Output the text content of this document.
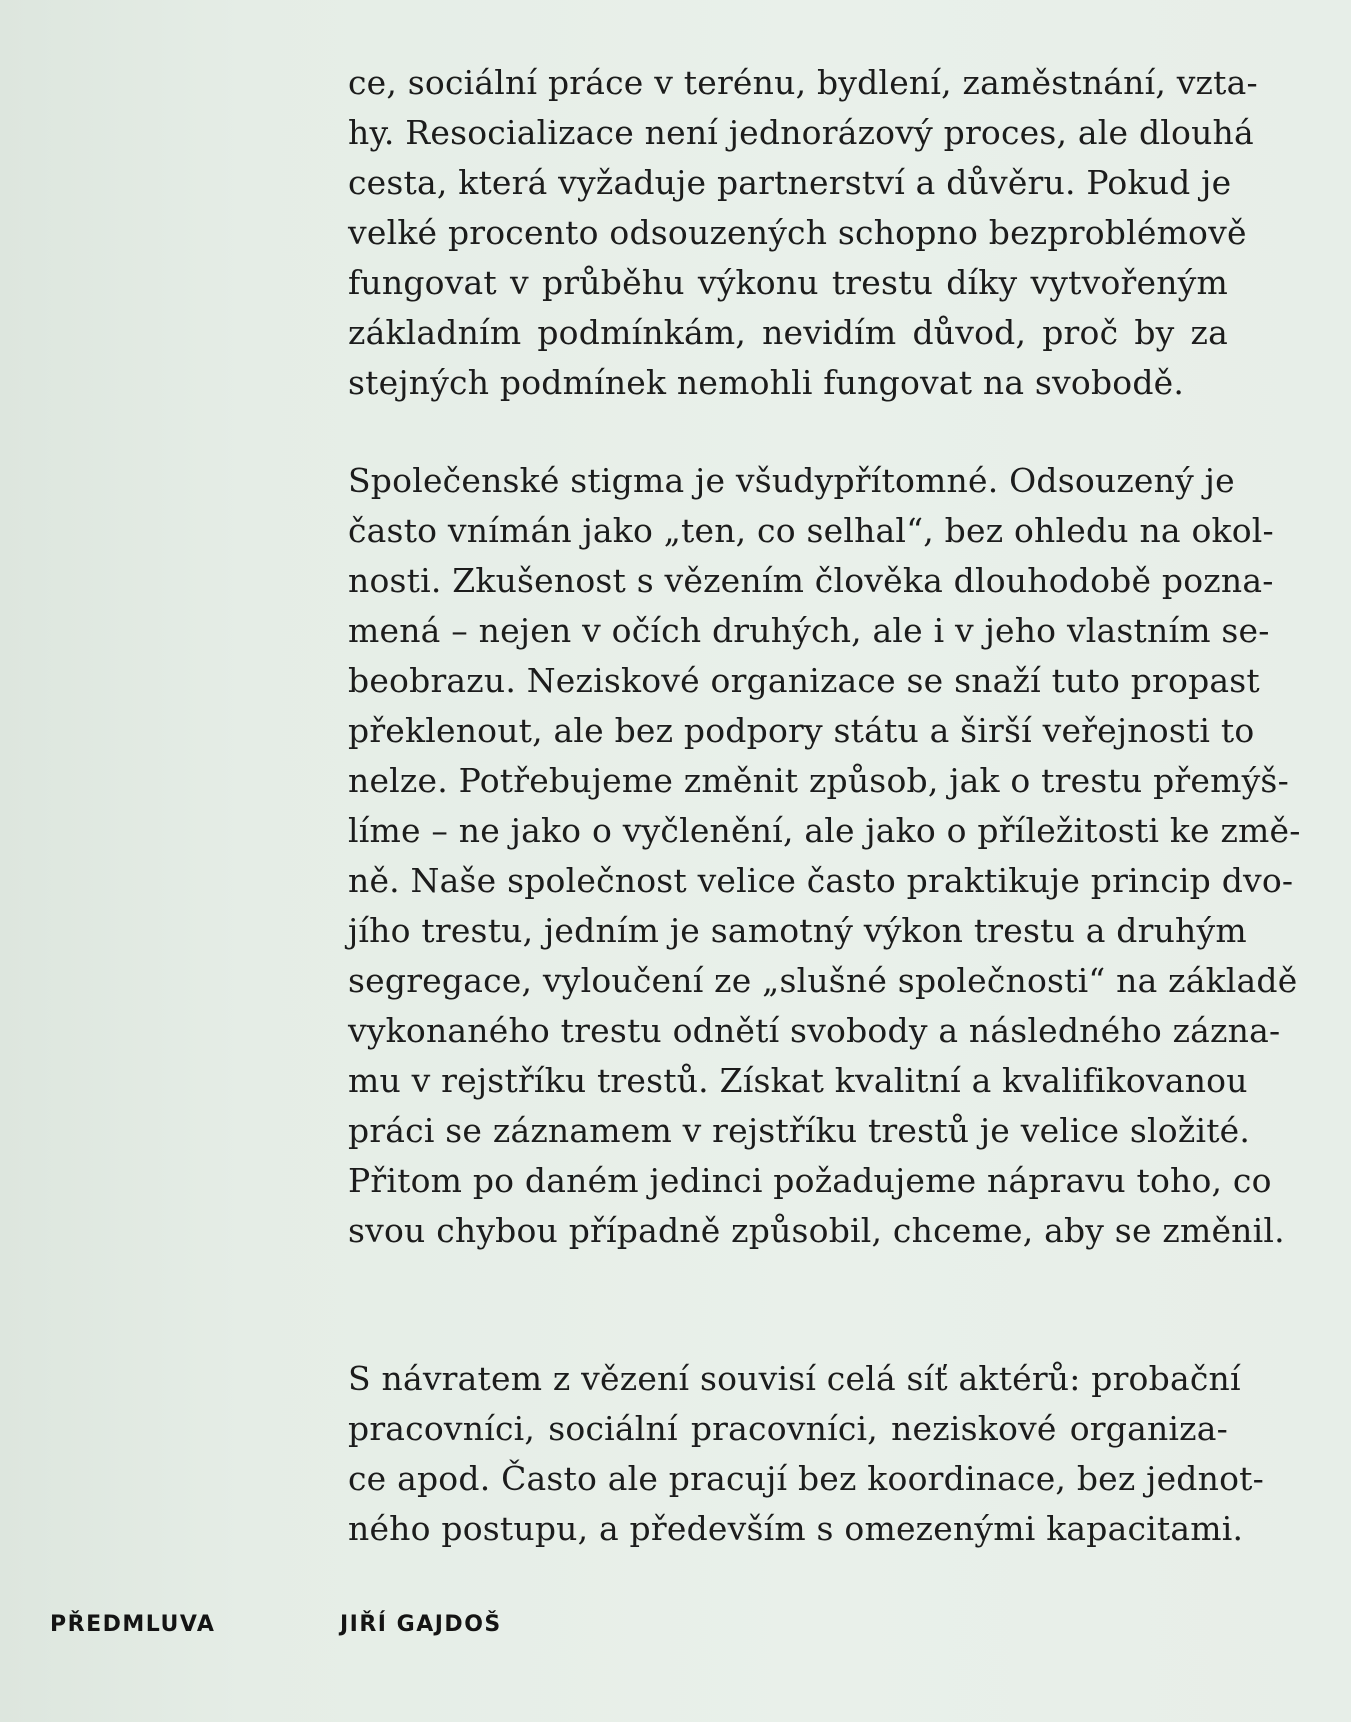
ce, sociální práce v terénu, bydlení, zaměstnání, vzta-
hy. Resocializace není jednorázový proces, ale dlouhá
cesta, která vyžaduje partnerství a důvěru. Pokud je
velké procento odsouzených schopno bezproblémově
fungovat v průběhu výkonu trestu díky vytvořeným
základním podmínkám, nevidím důvod, proč by za
stejných podmínek nemohli fungovat na svobodě.

Společenské stigma je všudypřítomné. Odsouzený je
často vnímán jako „ten, co selhal“, bez ohledu na okol-
nosti. Zkušenost s vězením člověka dlouhodobě pozna-
mená – nejen v očích druhých, ale i v jeho vlastním se-
beobrazu. Neziskové organizace se snaží tuto propast
překlenout, ale bez podpory státu a širší veřejnosti to
nelze. Potřebujeme změnit způsob, jak o trestu přemýš-
líme – ne jako o vyčlenění, ale jako o příležitosti ke změ-
ně. Naše společnost velice často praktikuje princip dvo-
jího trestu, jedním je samotný výkon trestu a druhým
segregace, vyloučení ze „slušné společnosti“ na základě
vykonaného trestu odnětí svobody a následného zázna-
mu v rejstříku trestů. Získat kvalitní a kvalifikovanou
práci se záznamem v rejstříku trestů je velice složité.
Přitom po daném jedinci požadujeme nápravu toho, co
svou chybou případně způsobil, chceme, aby se změnil.

S návratem z vězení souvisí celá síť aktérů: probační
pracovníci, sociální pracovníci, neziskové organiza-
ce apod. Často ale pracují bez koordinace, bez jednot-
ného postupu, a především s omezenými kapacitami.

PŘEDMLUVA	JIŘÍ GAJDOŠ
